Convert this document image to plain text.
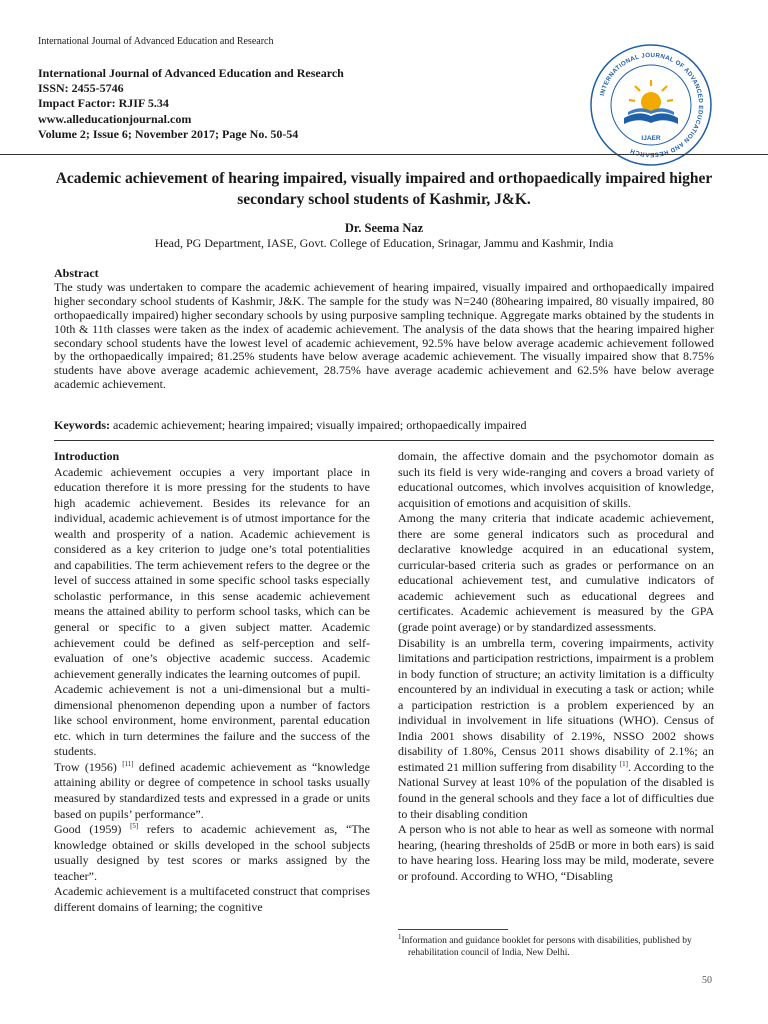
International Journal of Advanced Education and Research
International Journal of Advanced Education and Research
ISSN: 2455-5746
Impact Factor: RJIF 5.34
www.alleducationjournal.com
Volume 2; Issue 6; November 2017; Page No. 50-54
INTERNATIONAL JOURNAL OF ADVANCED EDUCATION AND RESEARCH
IJAER
Academic achievement of hearing impaired, visually impaired and orthopaedically impaired higher secondary school students of Kashmir, J&K.
Dr. Seema Naz
Head, PG Department, IASE, Govt. College of Education, Srinagar, Jammu and Kashmir, India
Abstract
The study was undertaken to compare the academic achievement of hearing impaired, visually impaired and orthopaedically impaired higher secondary school students of Kashmir, J&K. The sample for the study was N=240 (80hearing impaired, 80 visually impaired, 80 orthopaedically impaired) higher secondary schools by using purposive sampling technique. Aggregate marks obtained by the students in 10th & 11th classes were taken as the index of academic achievement. The analysis of the data shows that the hearing impaired higher secondary school students have the lowest level of academic achievement, 92.5% have below average academic achievement followed by the orthopaedically impaired; 81.25% students have below average academic achievement. The visually impaired show that 8.75% students have above average academic achievement, 28.75% have average academic achievement and 62.5% have below average academic achievement.
Keywords: academic achievement; hearing impaired; visually impaired; orthopaedically impaired

Introduction

Academic achievement occupies a very important place in education therefore it is more pressing for the students to have high academic achievement. Besides its relevance for an individual, academic achievement is of utmost importance for the wealth and prosperity of a nation. Academic achievement is considered as a key criterion to judge one’s total potentialities and capabilities. The term achievement refers to the degree or the level of success attained in some specific school tasks especially scholastic performance, in this sense academic achievement means the attained ability to perform school tasks, which can be general or specific to a given subject matter. Academic achievement could be defined as self-perception and self-evaluation of one’s objective academic success. Academic achievement generally indicates the learning outcomes of pupil.

Academic achievement is not a uni-dimensional but a multi-dimensional phenomenon depending upon a number of factors like school environment, home environment, parental education etc. which in turn determines the failure and the success of the students.

Trow (1956) [11] defined academic achievement as “knowledge attaining ability or degree of competence in school tasks usually measured by standardized tests and expressed in a grade or units based on pupils’ performance”.

Good (1959) [5] refers to academic achievement as, “The knowledge obtained or skills developed in the school subjects usually designed by test scores or marks assigned by the teacher”.

Academic achievement is a multifaceted construct that comprises different domains of learning; the cognitive

domain, the affective domain and the psychomotor domain as such its field is very wide-ranging and covers a broad variety of educational outcomes, which involves acquisition of knowledge, acquisition of emotions and acquisition of skills.

Among the many criteria that indicate academic achievement, there are some general indicators such as procedural and declarative knowledge acquired in an educational system, curricular-based criteria such as grades or performance on an educational achievement test, and cumulative indicators of academic achievement such as educational degrees and certificates. Academic achievement is measured by the GPA (grade point average) or by standardized assessments.

Disability is an umbrella term, covering impairments, activity limitations and participation restrictions, impairment is a problem in body function of structure; an activity limitation is a difficulty encountered by an individual in executing a task or action; while a participation restriction is a problem experienced by an individual in involvement in life situations (WHO). Census of India 2001 shows disability of 2.19%, NSSO 2002 shows disability of 1.80%, Census 2011 shows disability of 2.1%; an estimated 21 million suffering from disability [1]. According to the National Survey at least 10% of the population of the disabled is found in the general schools and they face a lot of difficulties due to their disabling condition

A person who is not able to hear as well as someone with normal hearing, (hearing thresholds of 25dB or more in both ears) is said to have hearing loss. Hearing loss may be mild, moderate, severe or profound. According to WHO, “Disabling

$^1$Information and guidance booklet for persons with disabilities, published by rehabilitation council of India, New Delhi.
50
